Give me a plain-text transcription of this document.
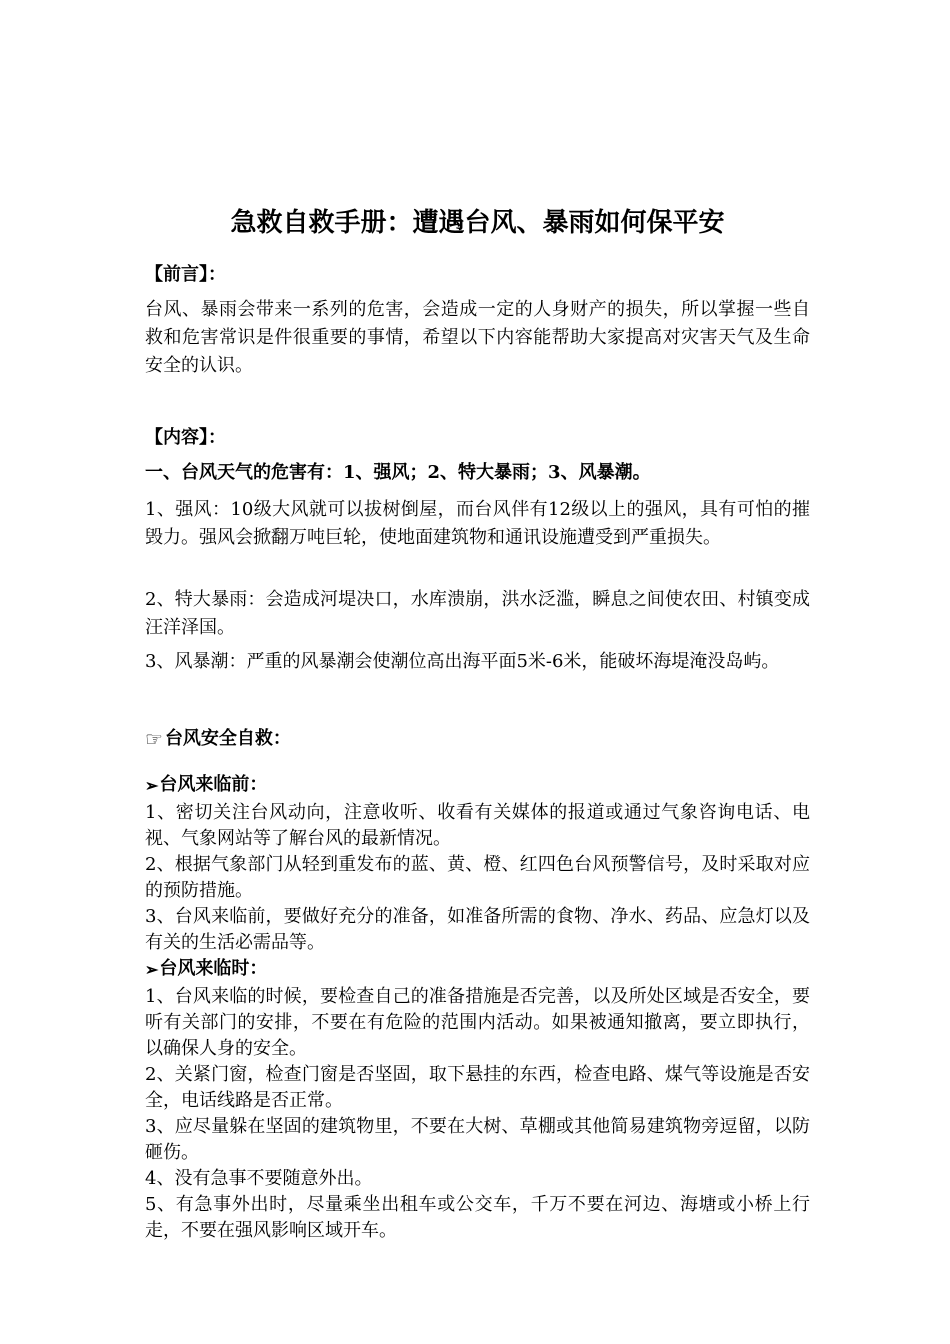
急救自救手册：遭遇台风、暴雨如何保平安
【前言】：

台风、暴雨会带来一系列的危害，会造成一定的人身财产的损失，所以掌握一些自救和危害常识是件很重要的事情，希望以下内容能帮助大家提高对灾害天气及生命安全的认识。

【内容】：
一、台风天气的危害有：1、强风；2、特大暴雨；3、风暴潮。

1、强风：10级大风就可以拔树倒屋，而台风伴有12级以上的强风，具有可怕的摧毁力。强风会掀翻万吨巨轮，使地面建筑物和通讯设施遭受到严重损失。

2、特大暴雨：会造成河堤决口，水库溃崩，洪水泛滥，瞬息之间使农田、村镇变成汪洋泽国。

3、风暴潮：严重的风暴潮会使潮位高出海平面5米-6米，能破坏海堤淹没岛屿。

☞ 台风安全自救：
➢台风来临前：

1、密切关注台风动向，注意收听、收看有关媒体的报道或通过气象咨询电话、电视、气象网站等了解台风的最新情况。

2、根据气象部门从轻到重发布的蓝、黄、橙、红四色台风预警信号，及时采取对应的预防措施。

3、台风来临前，要做好充分的准备，如准备所需的食物、净水、药品、应急灯以及有关的生活必需品等。

➢台风来临时：

1、台风来临的时候，要检查自己的准备措施是否完善，以及所处区域是否安全，要听有关部门的安排，不要在有危险的范围内活动。如果被通知撤离，要立即执行，以确保人身的安全。

2、关紧门窗，检查门窗是否坚固，取下悬挂的东西，检查电路、煤气等设施是否安全，电话线路是否正常。

3、应尽量躲在坚固的建筑物里，不要在大树、草棚或其他简易建筑物旁逗留，以防砸伤。

4、没有急事不要随意外出。

5、有急事外出时，尽量乘坐出租车或公交车，千万不要在河边、海塘或小桥上行走，不要在强风影响区域开车。
